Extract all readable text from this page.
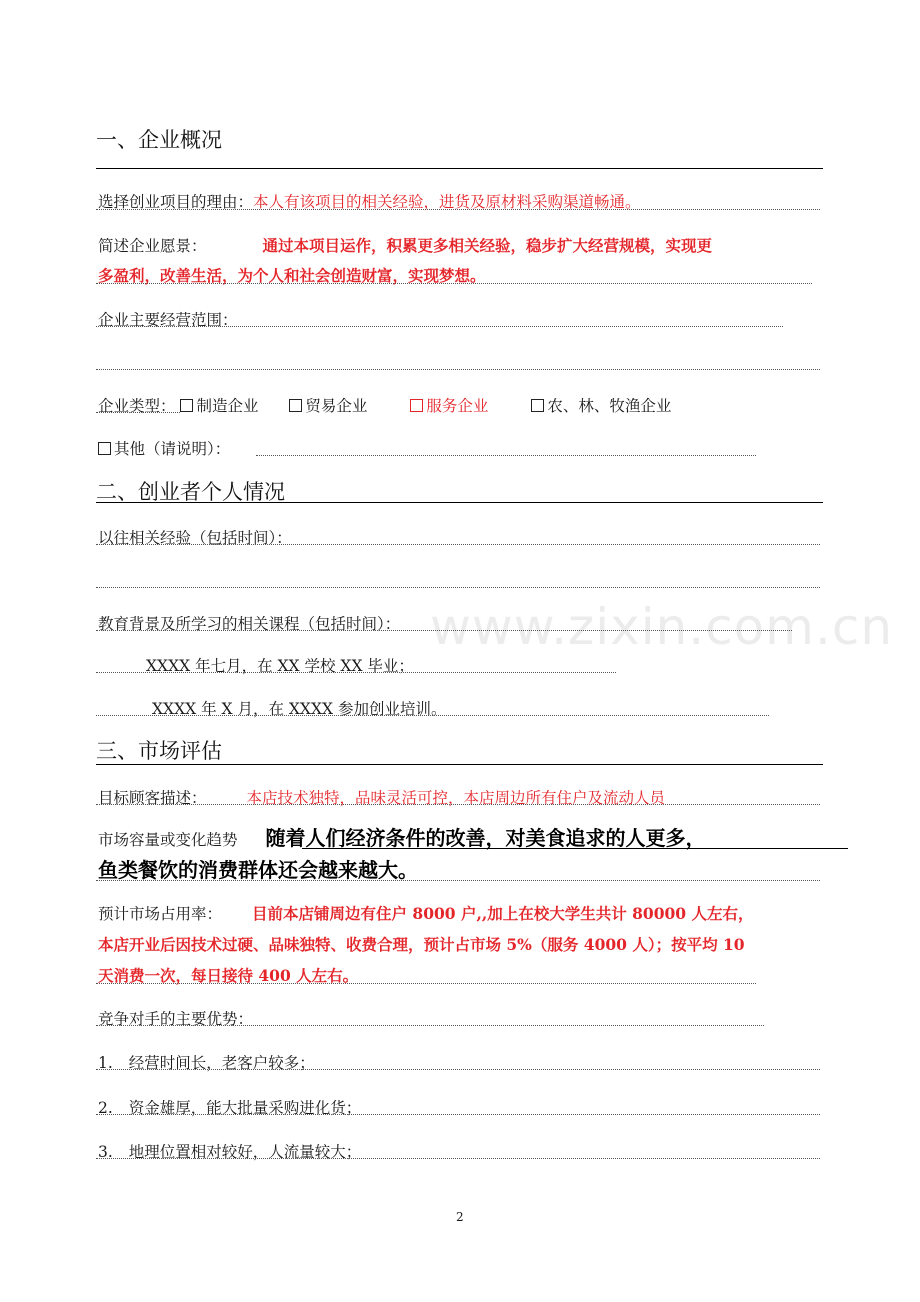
www.zixin.com.cn
一、企业概况
选择创业项目的理由：本人有该项目的相关经验，进货及原材料采购渠道畅通。
简述企业愿景：	通过本项目运作，积累更多相关经验，稳步扩大经营规模，实现更
多盈利，改善生活，为个人和社会创造财富，实现梦想。
企业主要经营范围：
企业类型： 制造企业	贸易企业	服务企业	农、林、牧渔企业
其他（请说明）：
二、创业者个人情况
以往相关经验（包括时间）：
教育背景及所学习的相关课程（包括时间）：
XXXX 年七月，在 XX 学校 XX 毕业；
XXXX 年 X 月，在 XXXX 参加创业培训。
三、市场评估
目标顾客描述：	本店技术独特，品味灵活可控，本店周边所有住户及流动人员
市场容量或变化趋势 随着人们经济条件的改善，对美食追求的人更多，
鱼类餐饮的消费群体还会越来越大。
预计市场占用率： 目前本店铺周边有住户 8000 户,,加上在校大学生共计 80000 人左右，
本店开业后因技术过硬、品味独特、收费合理，预计占市场 5%（服务 4000 人）；按平均 10
天消费一次，每日接待 400 人左右。
竞争对手的主要优势：
1. 经营时间长，老客户较多；
2. 资金雄厚，能大批量采购进化货；
3. 地理位置相对较好，人流量较大；
2
